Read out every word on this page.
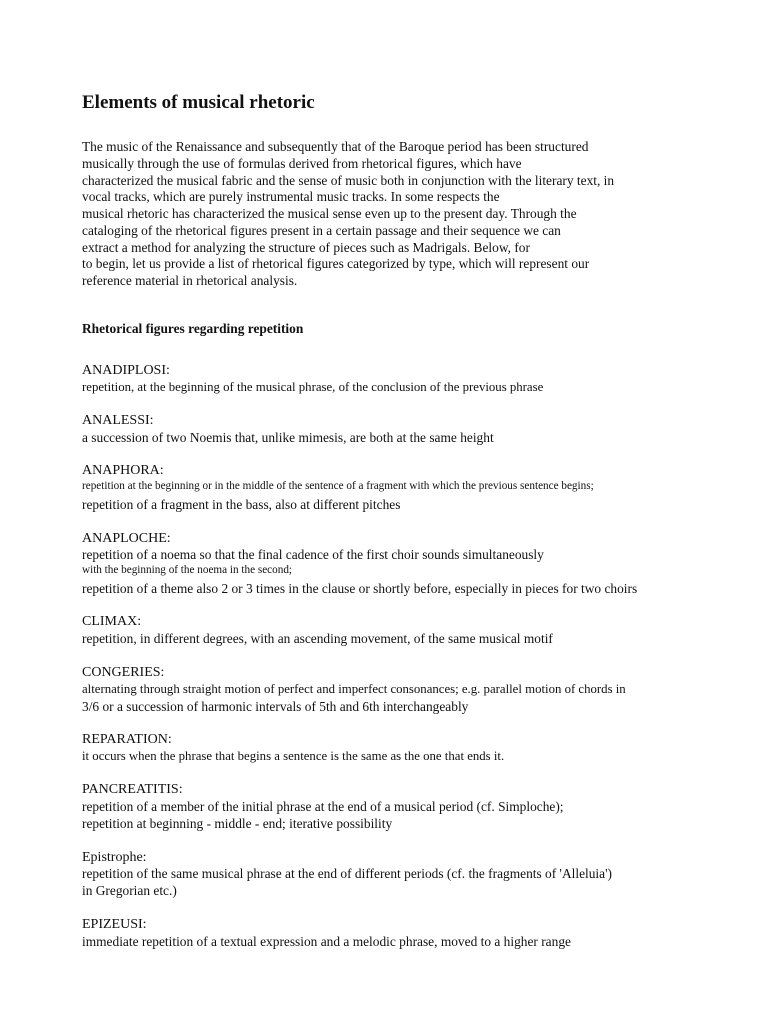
Elements of musical rhetoric

The music of the Renaissance and subsequently that of the Baroque period has been structured
musically through the use of formulas derived from rhetorical figures, which have
characterized the musical fabric and the sense of music both in conjunction with the literary text, in
vocal tracks, which are purely instrumental music tracks. In some respects the
musical rhetoric has characterized the musical sense even up to the present day. Through the
cataloging of the rhetorical figures present in a certain passage and their sequence we can
extract a method for analyzing the structure of pieces such as Madrigals. Below, for
to begin, let us provide a list of rhetorical figures categorized by type, which will represent our
reference material in rhetorical analysis.

Rhetorical figures regarding repetition
ANADIPLOSI:
repetition, at the beginning of the musical phrase, of the conclusion of the previous phrase
ANALESSI:
a succession of two Noemis that, unlike mimesis, are both at the same height
ANAPHORA:
repetition at the beginning or in the middle of the sentence of a fragment with which the previous sentence begins;
repetition of a fragment in the bass, also at different pitches
ANAPLOCHE:
repetition of a noema so that the final cadence of the first choir sounds simultaneously
with the beginning of the noema in the second;
repetition of a theme also 2 or 3 times in the clause or shortly before, especially in pieces for two choirs
CLIMAX:
repetition, in different degrees, with an ascending movement, of the same musical motif
CONGERIES:
alternating through straight motion of perfect and imperfect consonances; e.g. parallel motion of chords in
3/6 or a succession of harmonic intervals of 5th and 6th interchangeably
REPARATION:
it occurs when the phrase that begins a sentence is the same as the one that ends it.
PANCREATITIS:
repetition of a member of the initial phrase at the end of a musical period (cf. Simploche);
repetition at beginning - middle - end; iterative possibility
Epistrophe:
repetition of the same musical phrase at the end of different periods (cf. the fragments of 'Alleluia')
in Gregorian etc.)
EPIZEUSI:
immediate repetition of a textual expression and a melodic phrase, moved to a higher range
